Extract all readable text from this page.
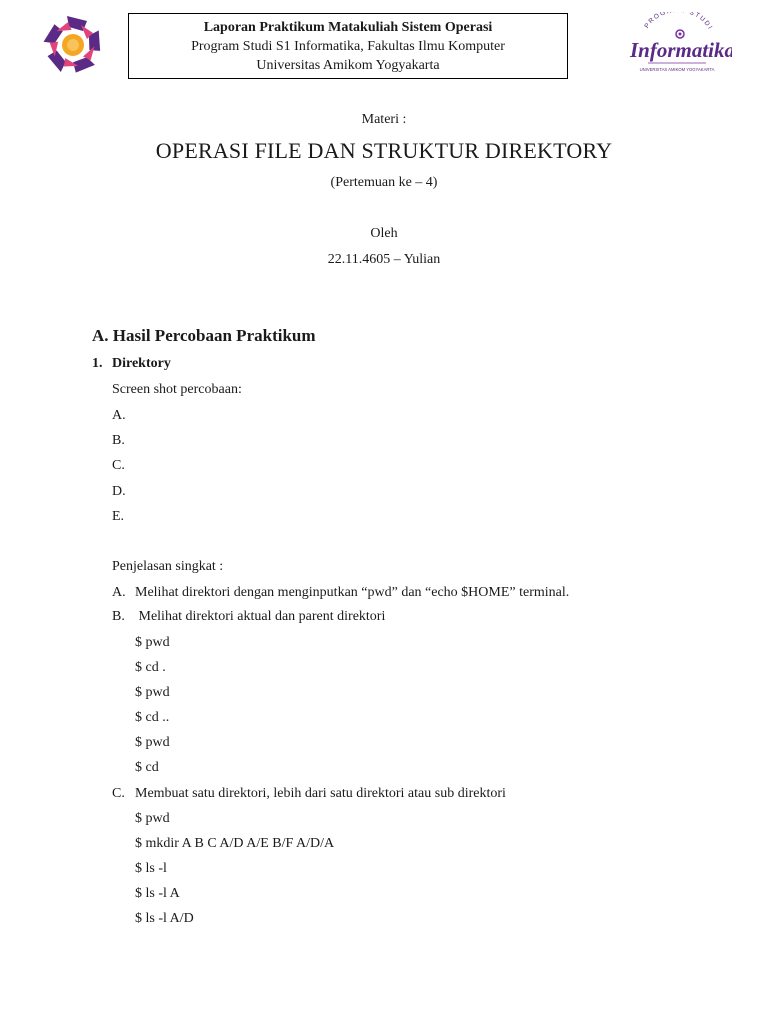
Laporan Praktikum Matakuliah Sistem Operasi
Program Studi S1 Informatika, Fakultas Ilmu Komputer
Universitas Amikom Yogyakarta
PROG STUDI
Informatika
UNIVERSITAS AMIKOM YOGYAKARTA
Materi :
OPERASI FILE DAN STRUKTUR DIREKTORY
(Pertemuan ke – 4)
Oleh
22.11.4605 – Yulian
A. Hasil Percobaan Praktikum
1. Direktory
Screen shot percobaan:
A.
B.
C.
D.
E.
Penjelasan singkat :
A. Melihat direktori dengan menginputkan “pwd” dan “echo $HOME” terminal.
B. Melihat direktori aktual dan parent direktori
$ pwd
$ cd .
$ pwd
$ cd ..
$ pwd
$ cd
C. Membuat satu direktori, lebih dari satu direktori atau sub direktori
$ pwd
$ mkdir A B C A/D A/E B/F A/D/A
$ ls -l
$ ls -l A
$ ls -l A/D
